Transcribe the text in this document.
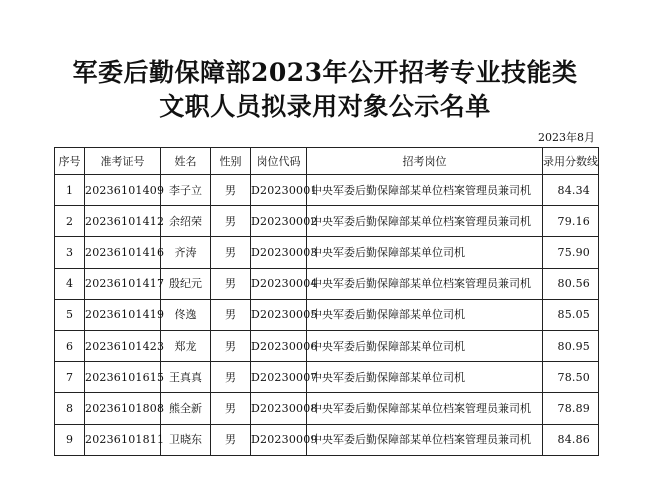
军委后勤保障部2023年公开招考专业技能类
文职人员拟录用对象公示名单
2023年8月
序号	准考证号	姓名	性别	岗位代码	招考岗位	录用分数线
1	20236101409	李子立	男	D20230001	中央军委后勤保障部某单位档案管理员兼司机	84.34
2	20236101412	余绍荣	男	D20230002	中央军委后勤保障部某单位档案管理员兼司机	79.16
3	20236101416	齐涛	男	D20230003	中央军委后勤保障部某单位司机	75.90
4	20236101417	殷纪元	男	D20230004	中央军委后勤保障部某单位档案管理员兼司机	80.56
5	20236101419	佟逸	男	D20230005	中央军委后勤保障部某单位司机	85.05
6	20236101423	郑龙	男	D20230006	中央军委后勤保障部某单位司机	80.95
7	20236101615	王真真	男	D20230007	中央军委后勤保障部某单位司机	78.50
8	20236101808	熊全新	男	D20230008	中央军委后勤保障部某单位档案管理员兼司机	78.89
9	20236101811	卫晓东	男	D20230009	中央军委后勤保障部某单位档案管理员兼司机	84.86
